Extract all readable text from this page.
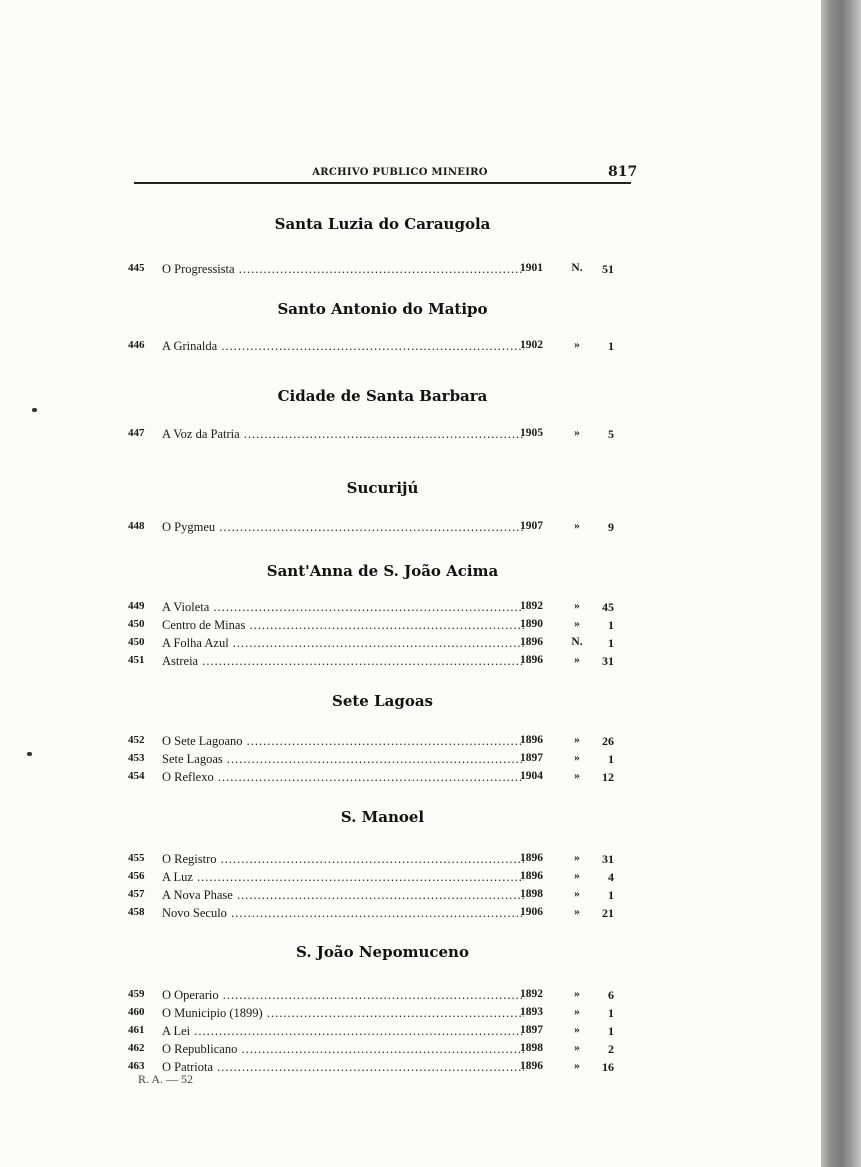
ARCHIVO PUBLICO MINEIRO	817
Santa Luzia do Caraugola
445	O Progressista .....	1901 N.	51
Santo Antonio do Matipo
446	A Grinalda .....	1902	»	1
Cidade de Santa Barbara
447	A Voz da Patria .....	1905	»	5
Sucurijú
448	O Pygmeu .....	1907	»	9
Sant'Anna de S. João Acima
449	A Violeta .....	1892	»	45
450	Centro de Minas .....	1890	»	1
450	A Folha Azul .....	1896 N.	1
451	Astreia .....	1896	»	31
Sete Lagoas
452	O Sete Lagoano .....	1896	»	26
453	Sete Lagoas .....	1897	»	1
454	O Reflexo .....	1904	»	12
S. Manoel
455	O Registro .....	1896	»	31
456	A Luz .....	1896	»	4
457	A Nova Phase .....	1898	»	1
458	Novo Seculo .....	1906	»	21
S. João Nepomuceno
459	O Operario .....	1892	»	6
460	O Municipio (1899) .....	1893	»	1
461	A Lei .....	1897	»	1
462	O Republicano .....	1898	»	2
463	O Patriota .....	1896	»	16
R. A. — 52
